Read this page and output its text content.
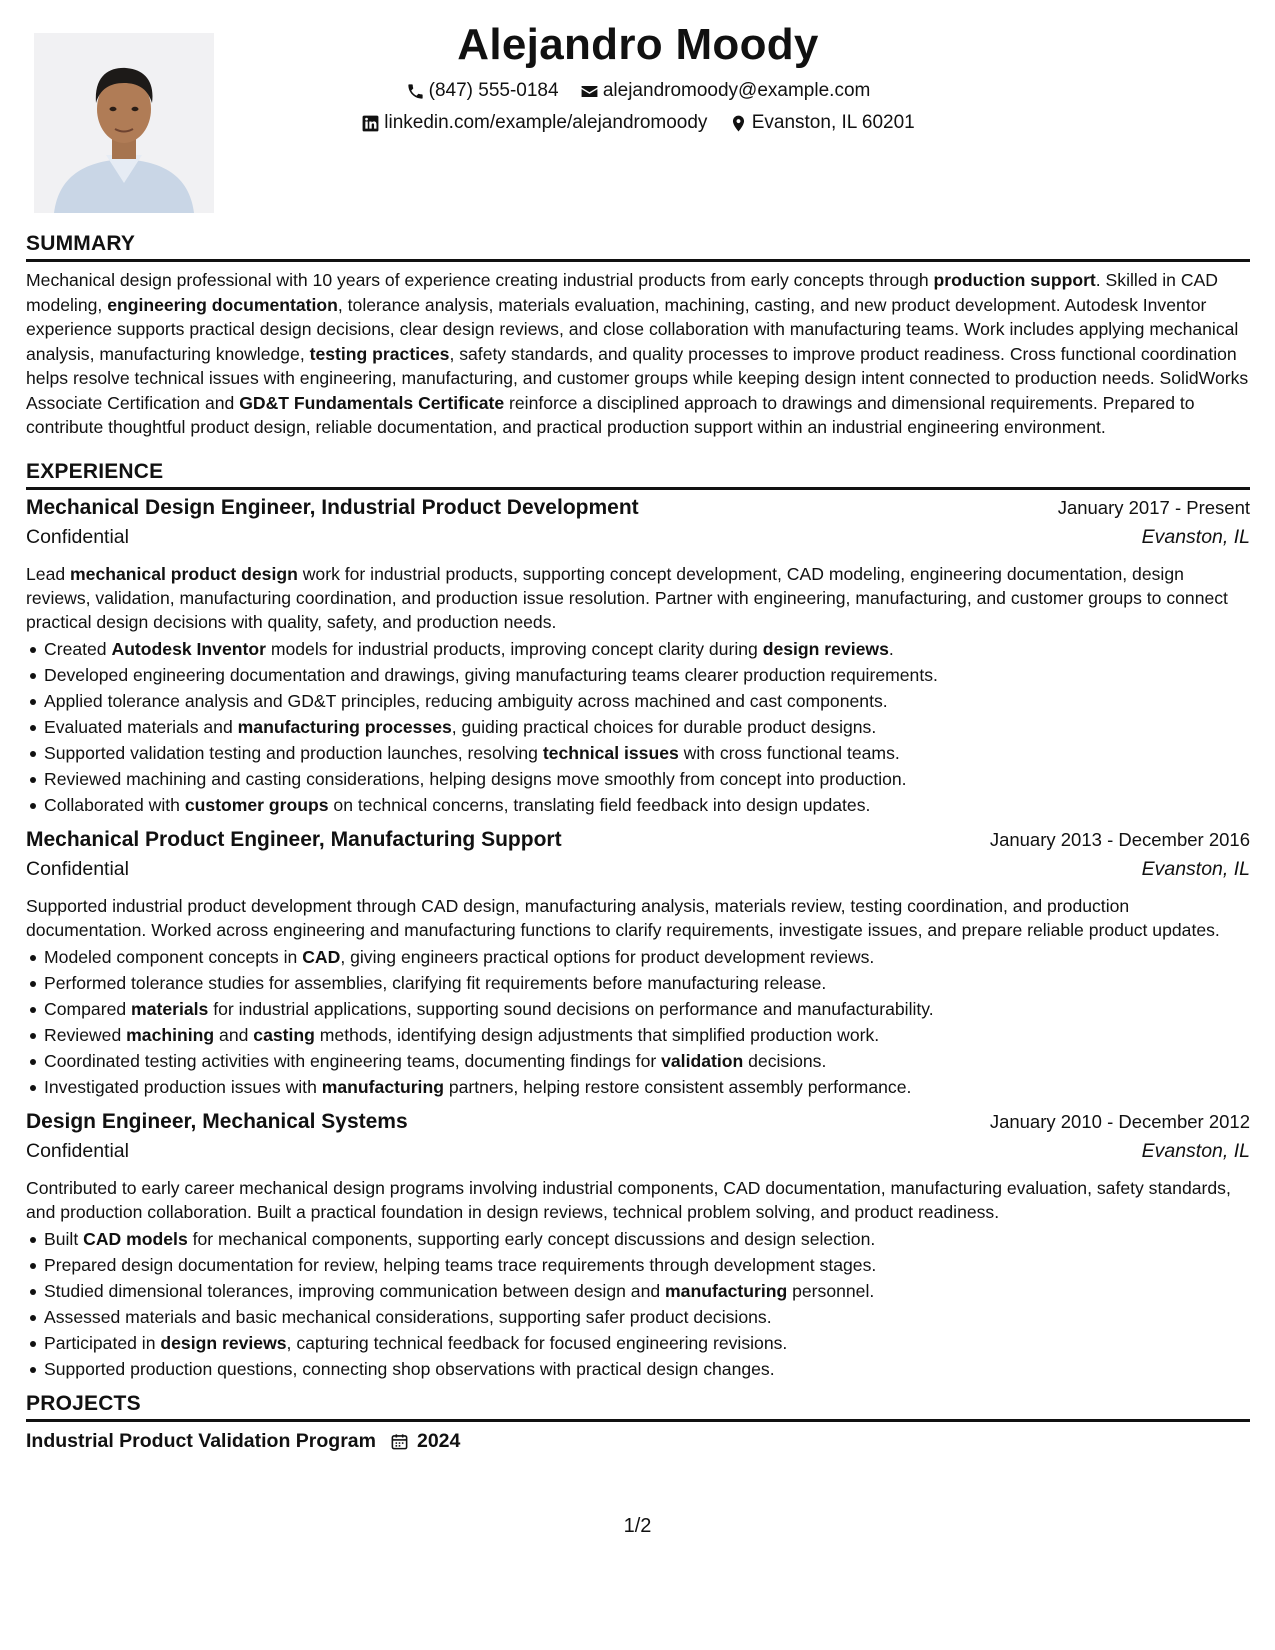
Alejandro Moody
(847) 555-0184
alejandromoody@example.com
linkedin.com/example/alejandromoody
Evanston, IL 60201
SUMMARY
Mechanical design professional with 10 years of experience creating industrial products from early concepts through production support. Skilled in CAD modeling, engineering documentation, tolerance analysis, materials evaluation, machining, casting, and new product development. Autodesk Inventor experience supports practical design decisions, clear design reviews, and close collaboration with manufacturing teams. Work includes applying mechanical analysis, manufacturing knowledge, testing practices, safety standards, and quality processes to improve product readiness. Cross functional coordination helps resolve technical issues with engineering, manufacturing, and customer groups while keeping design intent connected to production needs. SolidWorks Associate Certification and GD&T Fundamentals Certificate reinforce a disciplined approach to drawings and dimensional requirements. Prepared to contribute thoughtful product design, reliable documentation, and practical production support within an industrial engineering environment.
EXPERIENCE
Mechanical Design Engineer, Industrial Product Development	January 2017 - Present
Confidential	Evanston, IL
Lead mechanical product design work for industrial products, supporting concept development, CAD modeling, engineering documentation, design reviews, validation, manufacturing coordination, and production issue resolution. Partner with engineering, manufacturing, and customer groups to connect practical design decisions with quality, safety, and production needs.
Created Autodesk Inventor models for industrial products, improving concept clarity during design reviews.
Developed engineering documentation and drawings, giving manufacturing teams clearer production requirements.
Applied tolerance analysis and GD&T principles, reducing ambiguity across machined and cast components.
Evaluated materials and manufacturing processes, guiding practical choices for durable product designs.
Supported validation testing and production launches, resolving technical issues with cross functional teams.
Reviewed machining and casting considerations, helping designs move smoothly from concept into production.
Collaborated with customer groups on technical concerns, translating field feedback into design updates.
Mechanical Product Engineer, Manufacturing Support	January 2013 - December 2016
Confidential	Evanston, IL
Supported industrial product development through CAD design, manufacturing analysis, materials review, testing coordination, and production documentation. Worked across engineering and manufacturing functions to clarify requirements, investigate issues, and prepare reliable product updates.
Modeled component concepts in CAD, giving engineers practical options for product development reviews.
Performed tolerance studies for assemblies, clarifying fit requirements before manufacturing release.
Compared materials for industrial applications, supporting sound decisions on performance and manufacturability.
Reviewed machining and casting methods, identifying design adjustments that simplified production work.
Coordinated testing activities with engineering teams, documenting findings for validation decisions.
Investigated production issues with manufacturing partners, helping restore consistent assembly performance.
Design Engineer, Mechanical Systems	January 2010 - December 2012
Confidential	Evanston, IL
Contributed to early career mechanical design programs involving industrial components, CAD documentation, manufacturing evaluation, safety standards, and production collaboration. Built a practical foundation in design reviews, technical problem solving, and product readiness.
Built CAD models for mechanical components, supporting early concept discussions and design selection.
Prepared design documentation for review, helping teams trace requirements through development stages.
Studied dimensional tolerances, improving communication between design and manufacturing personnel.
Assessed materials and basic mechanical considerations, supporting safer product decisions.
Participated in design reviews, capturing technical feedback for focused engineering revisions.
Supported production questions, connecting shop observations with practical design changes.
PROJECTS
Industrial Product Validation Program 2024
1/2
